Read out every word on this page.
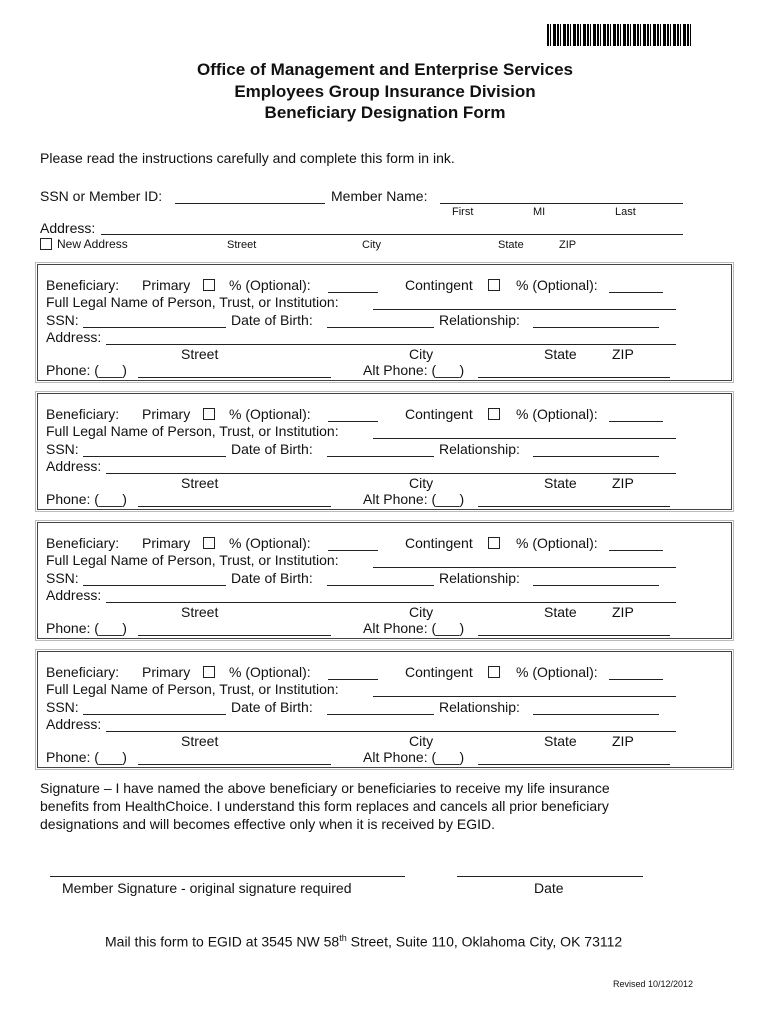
Office of Management and Enterprise Services
Employees Group Insurance Division
Beneficiary Designation Form
Please read the instructions carefully and complete this form in ink.
SSN or Member ID:	Member Name:
First	MI	Last
Address:
New Address	Street	City	State	ZIP
Beneficiary: Primary	% (Optional):	Contingent	% (Optional):
Full Legal Name of Person, Trust, or Institution:
SSN:	Date of Birth:	Relationship:
Address:
Street	City	State	ZIP
Phone: (___)	Alt Phone: (___)
Beneficiary: Primary	% (Optional):	Contingent	% (Optional):
Full Legal Name of Person, Trust, or Institution:
SSN:	Date of Birth:	Relationship:
Address:
Street	City	State	ZIP
Phone: (___)	Alt Phone: (___)
Beneficiary: Primary	% (Optional):	Contingent	% (Optional):
Full Legal Name of Person, Trust, or Institution:
SSN:	Date of Birth:	Relationship:
Address:
Street	City	State	ZIP
Phone: (___)	Alt Phone: (___)
Beneficiary: Primary	% (Optional):	Contingent	% (Optional):
Full Legal Name of Person, Trust, or Institution:
SSN:	Date of Birth:	Relationship:
Address:
Street	City	State	ZIP
Phone: (___)	Alt Phone: (___)
Signature – I have named the above beneficiary or beneficiaries to receive my life insurance
benefits from HealthChoice. I understand this form replaces and cancels all prior beneficiary
designations and will becomes effective only when it is received by EGID.
Member Signature - original signature required	Date
Mail this form to EGID at 3545 NW 58th Street, Suite 110, Oklahoma City, OK 73112
Revised 10/12/2012
